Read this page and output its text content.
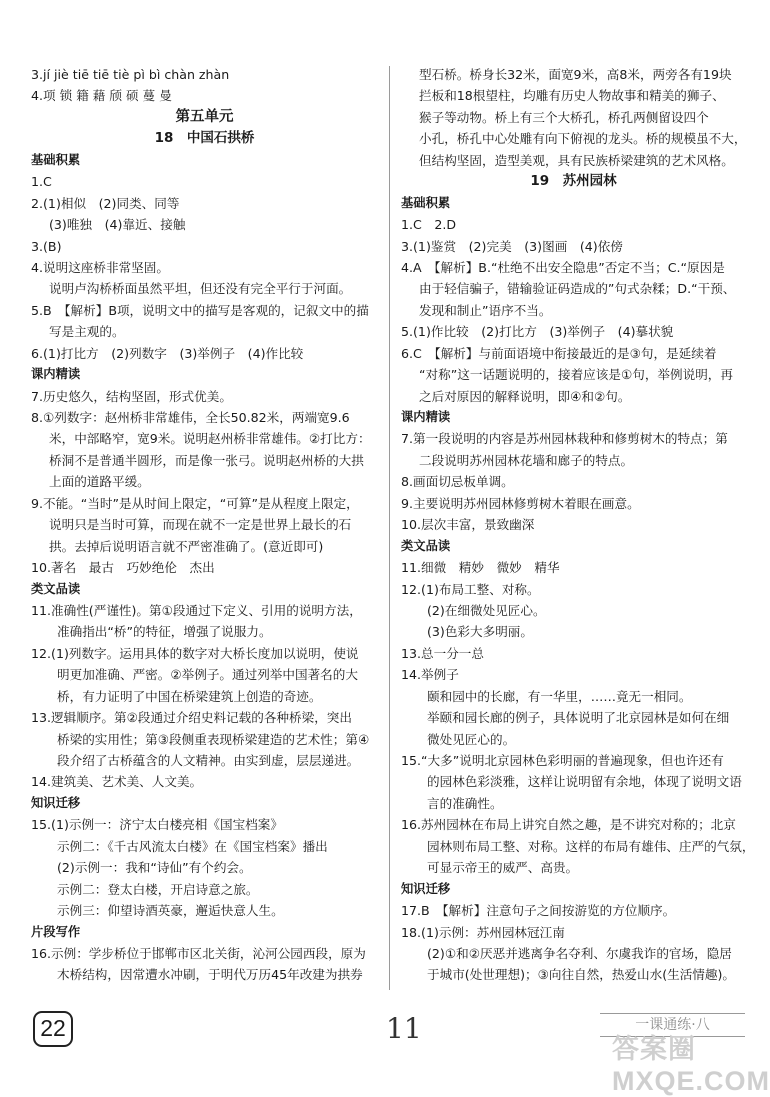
3.jí jiè tiē tiē tiè pì bì chàn zhàn
4.项 锁 籍 藉 颀 硕 蔓 曼
第五单元
18　中国石拱桥
基础积累
1.C
2.(1)相似　(2)同类、同等
(3)唯独　(4)靠近、接触
3.(B)
4.说明这座桥非常坚固。
说明卢沟桥桥面虽然平坦，但还没有完全平行于河面。
5.B　【解析】B项，说明文中的描写是客观的，记叙文中的描
写是主观的。
6.(1)打比方　(2)列数字　(3)举例子　(4)作比较
课内精读
7.历史悠久，结构坚固，形式优美。
8.①列数字：赵州桥非常雄伟，全长50.82米，两端宽9.6
米，中部略窄，宽9米。说明赵州桥非常雄伟。②打比方：
桥洞不是普通半圆形，而是像一张弓。说明赵州桥的大拱
上面的道路平缓。
9.不能。“当时”是从时间上限定，“可算”是从程度上限定，
说明只是当时可算，而现在就不一定是世界上最长的石
拱。去掉后说明语言就不严密准确了。(意近即可)
10.著名　最古　巧妙绝伦　杰出
类文品读
11.准确性(严谨性)。第①段通过下定义、引用的说明方法，
准确指出“桥”的特征，增强了说服力。
12.(1)列数字。运用具体的数字对大桥长度加以说明，使说
明更加准确、严密。②举例子。通过列举中国著名的大
桥，有力证明了中国在桥梁建筑上创造的奇迹。
13.逻辑顺序。第②段通过介绍史料记载的各种桥梁，突出
桥梁的实用性；第③段侧重表现桥梁建造的艺术性；第④
段介绍了古桥蕴含的人文精神。由实到虚，层层递进。
14.建筑美、艺术美、人文美。
知识迁移
15.(1)示例一：济宁太白楼亮相《国宝档案》
示例二：《千古风流太白楼》在《国宝档案》播出
(2)示例一：我和“诗仙”有个约会。
示例二：登太白楼，开启诗意之旅。
示例三：仰望诗酒英豪，邂逅快意人生。
片段写作
16.示例：学步桥位于邯郸市区北关街，沁河公园西段，原为
木桥结构，因常遭水冲刷，于明代万历45年改建为拱券
型石桥。桥身长32米，面宽9米，高8米，两旁各有19块
拦板和18根望柱，均雕有历史人物故事和精美的狮子、
猴子等动物。桥上有三个大桥孔，桥孔两侧留设四个
小孔，桥孔中心处雕有向下俯视的龙头。桥的规模虽不大，
但结构坚固，造型美观，具有民族桥梁建筑的艺术风格。
19　苏州园林
基础积累
1.C　2.D
3.(1)鉴赏　(2)完美　(3)图画　(4)依傍
4.A　【解析】B.“杜绝不出安全隐患”否定不当；C.“原因是
由于轻信骗子，错输验证码造成的”句式杂糅；D.“干预、
发现和制止”语序不当。
5.(1)作比较　(2)打比方　(3)举例子　(4)摹状貌
6.C　【解析】与前面语境中衔接最近的是③句，是延续着
“对称”这一话题说明的，接着应该是①句，举例说明，再
之后对原因的解释说明，即④和②句。
课内精读
7.第一段说明的内容是苏州园林栽种和修剪树木的特点；第
二段说明苏州园林花墙和廊子的特点。
8.画面切忌板单调。
9.主要说明苏州园林修剪树木着眼在画意。
10.层次丰富，景致幽深
类文品读
11.细微　精妙　微妙　精华
12.(1)布局工整、对称。
(2)在细微处见匠心。
(3)色彩大多明丽。
13.总一分一总
14.举例子
颐和园中的长廊，有一华里，……竟无一相同。
举颐和园长廊的例子，具体说明了北京园林是如何在细
微处见匠心的。
15.“大多”说明北京园林色彩明丽的普遍现象，但也许还有
的园林色彩淡雅，这样让说明留有余地，体现了说明文语
言的准确性。
16.苏州园林在布局上讲究自然之趣，是不讲究对称的；北京
园林则布局工整、对称。这样的布局有雄伟、庄严的气氛，
可显示帝王的威严、高贵。
知识迁移
17.B　【解析】注意句子之间按游览的方位顺序。
18.(1)示例：苏州园林冠江南
(2)①和②厌恶并逃离争名夺利、尔虞我诈的官场，隐居
于城市(处世理想)；③向往自然，热爱山水(生活情趣)。
22	11	一课通练·八
答案圈 MXQE.COM
